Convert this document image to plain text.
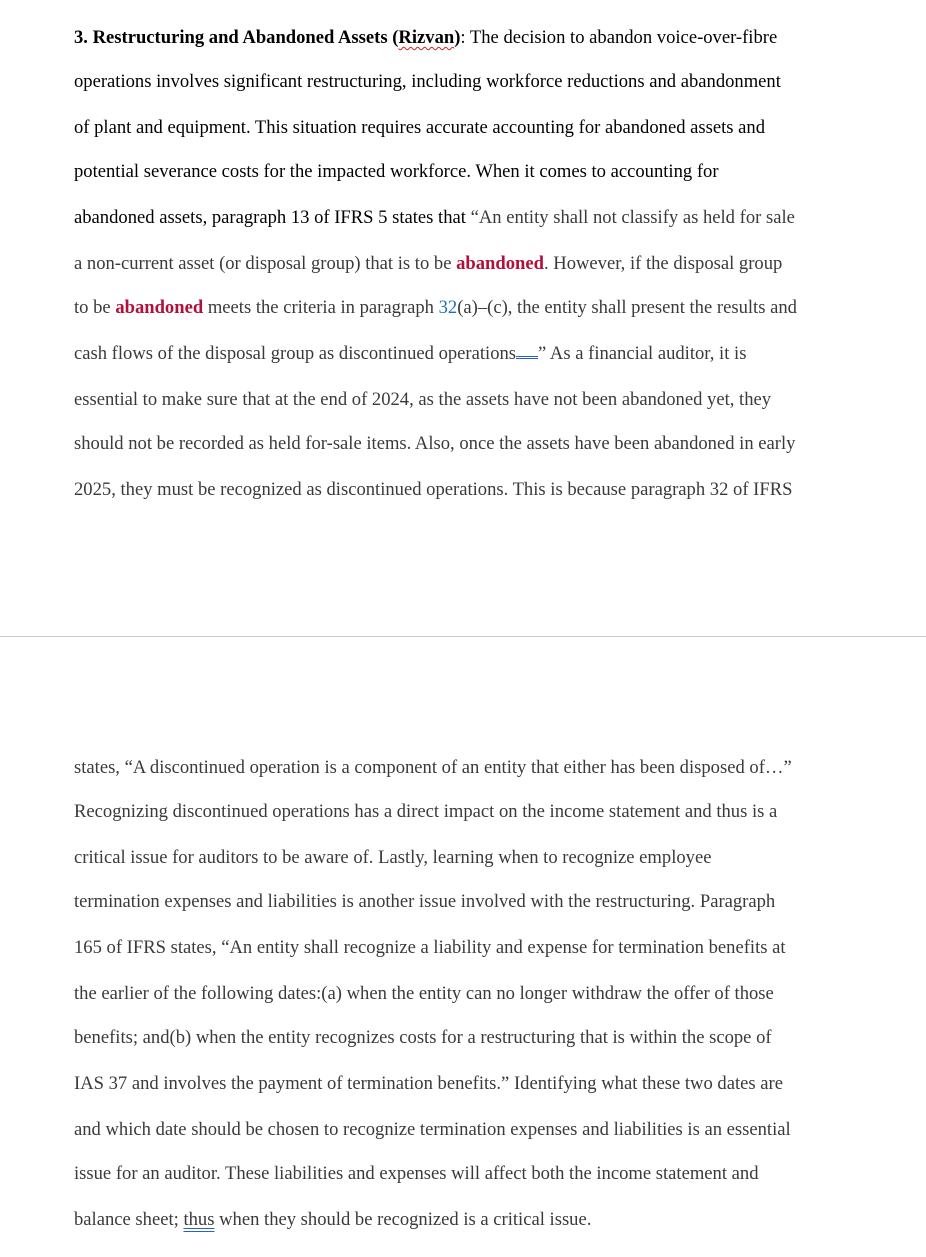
3. Restructuring and Abandoned Assets (Rizvan): The decision to abandon voice-over-fibre
operations involves significant restructuring, including workforce reductions and abandonment
of plant and equipment. This situation requires accurate accounting for abandoned assets and
potential severance costs for the impacted workforce. When it comes to accounting for
abandoned assets, paragraph 13 of IFRS 5 states that “An entity shall not classify as held for sale
a non-current asset (or disposal group) that is to be abandoned. However, if the disposal group
to be abandoned meets the criteria in paragraph 32(a)–(c), the entity shall present the results and
cash flows of the disposal group as discontinued operations ” As a financial auditor, it is
essential to make sure that at the end of 2024, as the assets have not been abandoned yet, they
should not be recorded as held for-sale items. Also, once the assets have been abandoned in early
2025, they must be recognized as discontinued operations. This is because paragraph 32 of IFRS
states, “A discontinued operation is a component of an entity that either has been disposed of…”
Recognizing discontinued operations has a direct impact on the income statement and thus is a
critical issue for auditors to be aware of. Lastly, learning when to recognize employee
termination expenses and liabilities is another issue involved with the restructuring. Paragraph
165 of IFRS states, “An entity shall recognize a liability and expense for termination benefits at
the earlier of the following dates:(a) when the entity can no longer withdraw the offer of those
benefits; and(b) when the entity recognizes costs for a restructuring that is within the scope of
IAS 37 and involves the payment of termination benefits.” Identifying what these two dates are
and which date should be chosen to recognize termination expenses and liabilities is an essential
issue for an auditor. These liabilities and expenses will affect both the income statement and
balance sheet; thus when they should be recognized is a critical issue.
